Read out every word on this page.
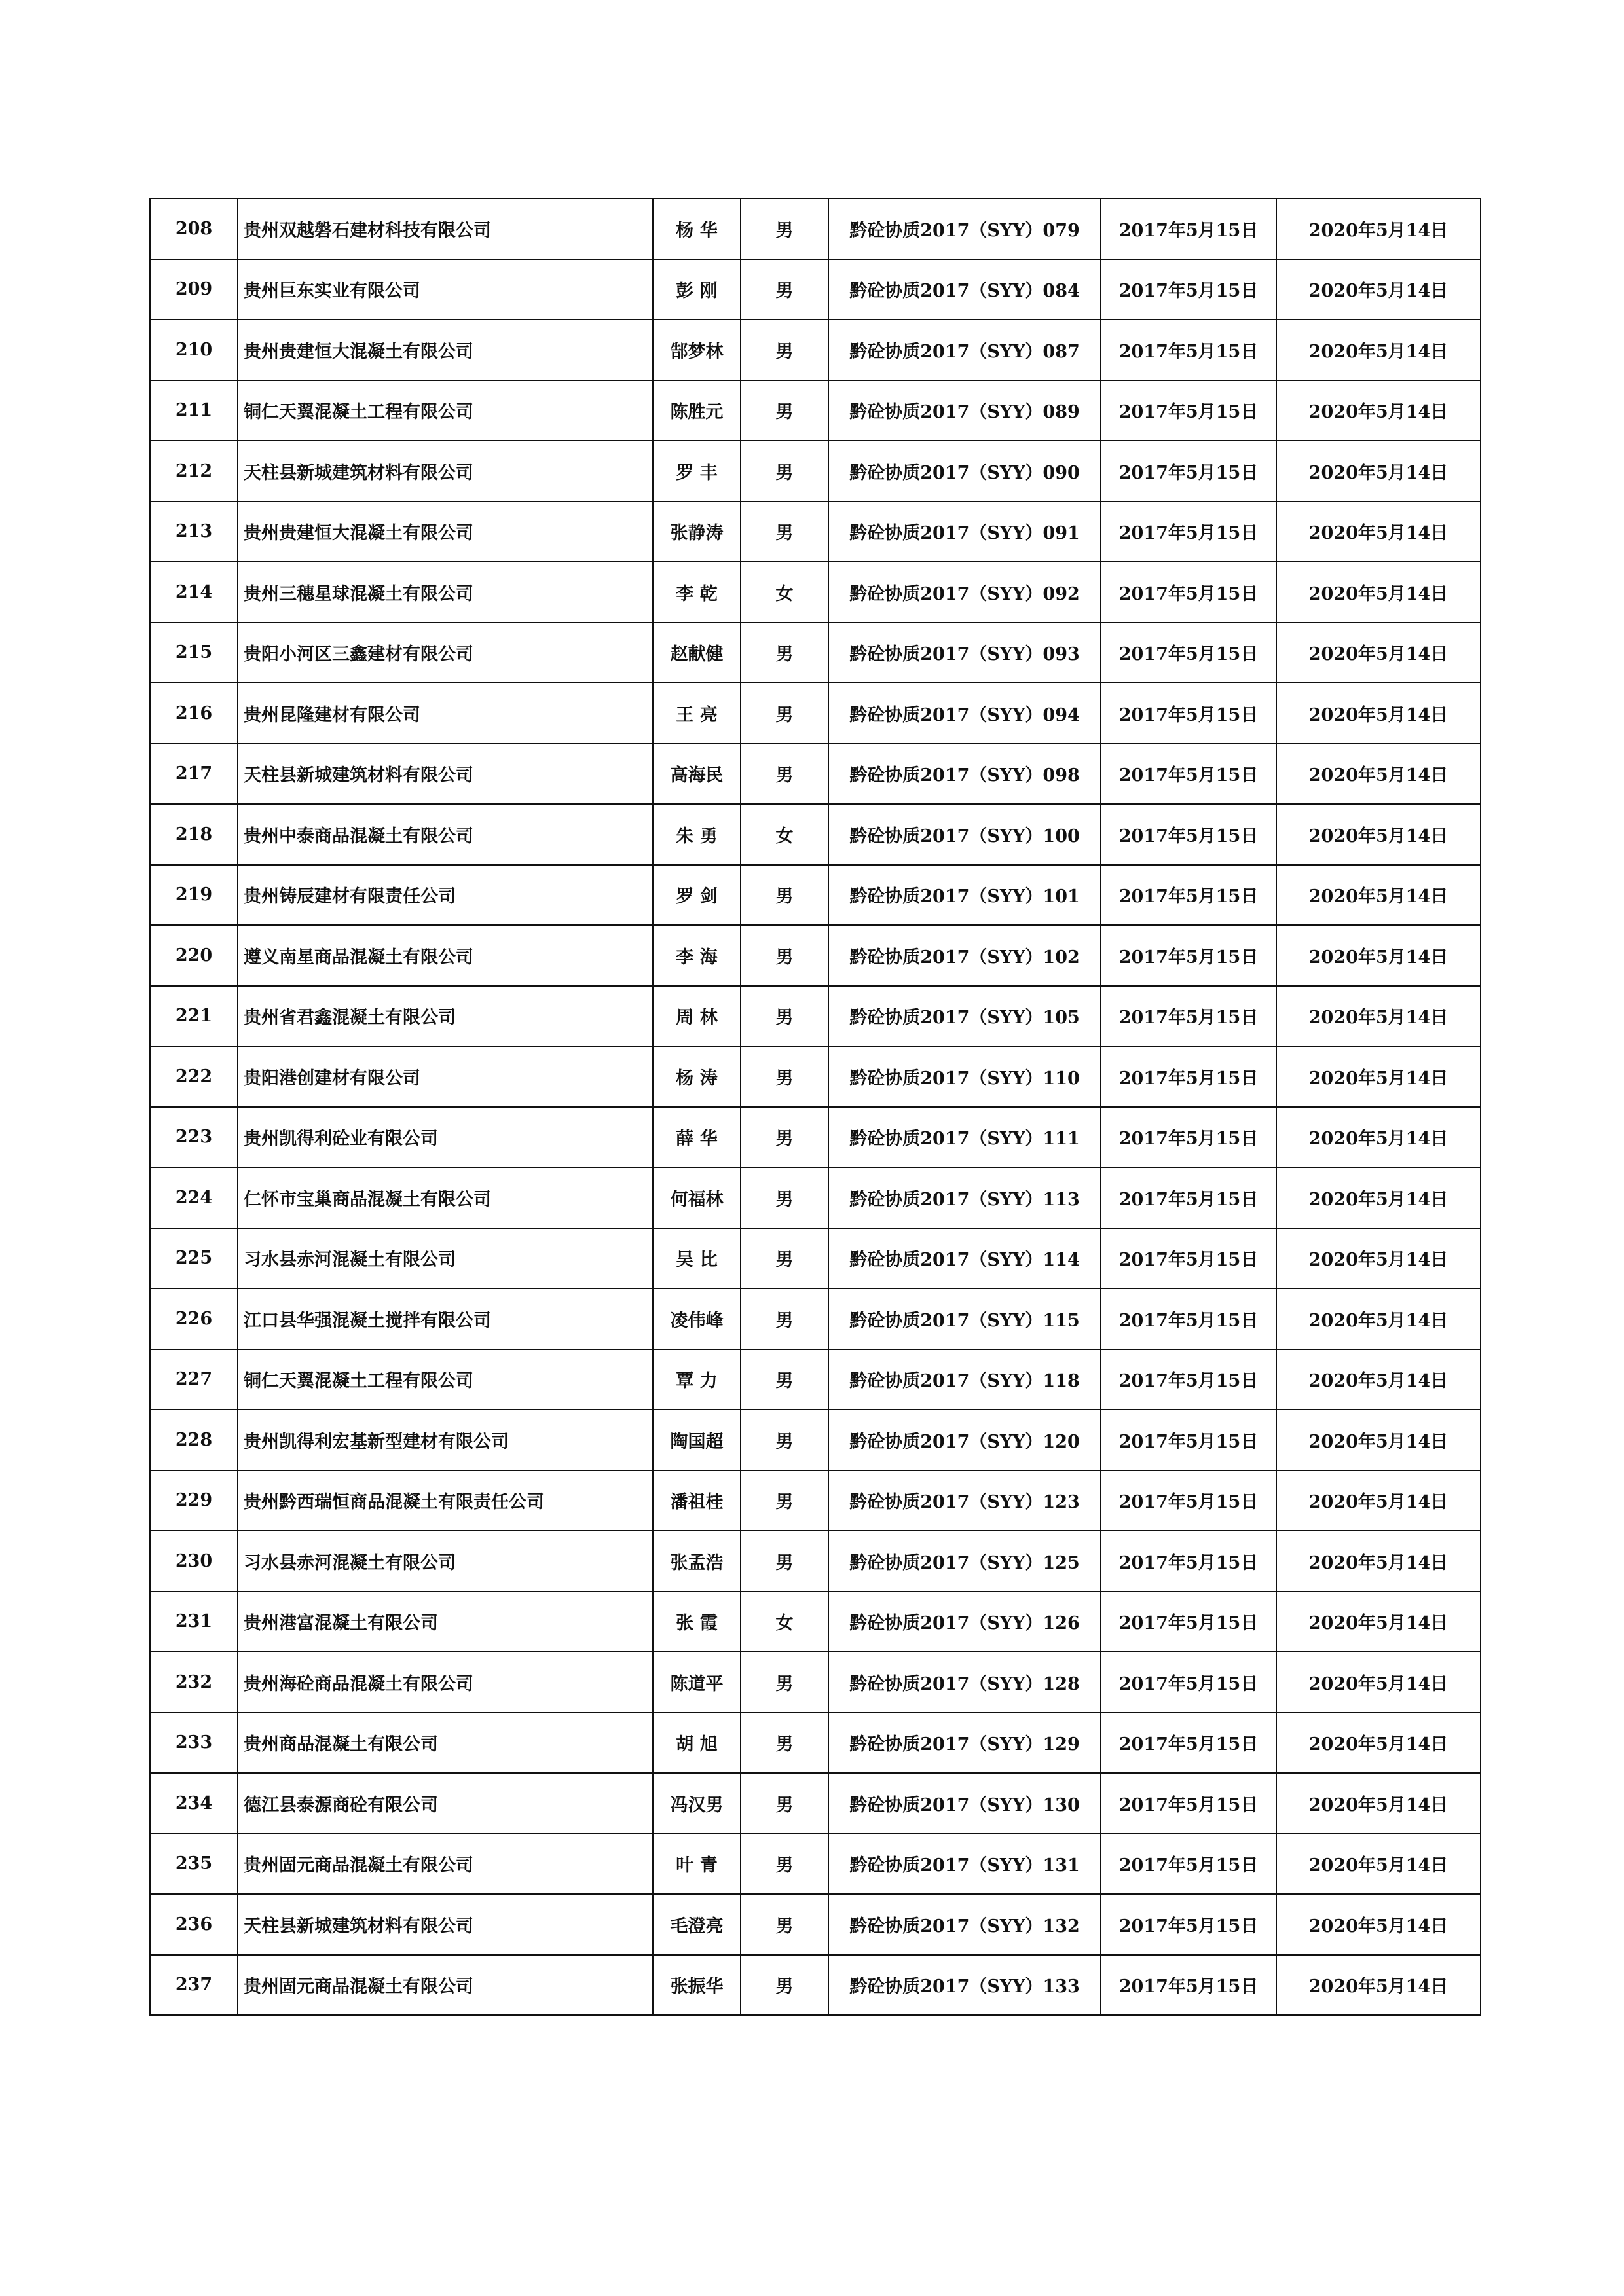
208	贵州双越磐石建材科技有限公司	杨 华	男	黔砼协质2017（SYY）079	2017年5月15日	2020年5月14日
209	贵州巨东实业有限公司	彭 刚	男	黔砼协质2017（SYY）084	2017年5月15日	2020年5月14日
210	贵州贵建恒大混凝土有限公司	郜梦林	男	黔砼协质2017（SYY）087	2017年5月15日	2020年5月14日
211	铜仁天翼混凝土工程有限公司	陈胜元	男	黔砼协质2017（SYY）089	2017年5月15日	2020年5月14日
212	天柱县新城建筑材料有限公司	罗 丰	男	黔砼协质2017（SYY）090	2017年5月15日	2020年5月14日
213	贵州贵建恒大混凝土有限公司	张静涛	男	黔砼协质2017（SYY）091	2017年5月15日	2020年5月14日
214	贵州三穗星球混凝土有限公司	李 乾	女	黔砼协质2017（SYY）092	2017年5月15日	2020年5月14日
215	贵阳小河区三鑫建材有限公司	赵献健	男	黔砼协质2017（SYY）093	2017年5月15日	2020年5月14日
216	贵州昆隆建材有限公司	王 亮	男	黔砼协质2017（SYY）094	2017年5月15日	2020年5月14日
217	天柱县新城建筑材料有限公司	高海民	男	黔砼协质2017（SYY）098	2017年5月15日	2020年5月14日
218	贵州中泰商品混凝土有限公司	朱 勇	女	黔砼协质2017（SYY）100	2017年5月15日	2020年5月14日
219	贵州铸辰建材有限责任公司	罗 剑	男	黔砼协质2017（SYY）101	2017年5月15日	2020年5月14日
220	遵义南星商品混凝土有限公司	李 海	男	黔砼协质2017（SYY）102	2017年5月15日	2020年5月14日
221	贵州省君鑫混凝土有限公司	周 林	男	黔砼协质2017（SYY）105	2017年5月15日	2020年5月14日
222	贵阳港创建材有限公司	杨 涛	男	黔砼协质2017（SYY）110	2017年5月15日	2020年5月14日
223	贵州凯得利砼业有限公司	薛 华	男	黔砼协质2017（SYY）111	2017年5月15日	2020年5月14日
224	仁怀市宝巢商品混凝土有限公司	何福林	男	黔砼协质2017（SYY）113	2017年5月15日	2020年5月14日
225	习水县赤河混凝土有限公司	吴 比	男	黔砼协质2017（SYY）114	2017年5月15日	2020年5月14日
226	江口县华强混凝土搅拌有限公司	凌伟峰	男	黔砼协质2017（SYY）115	2017年5月15日	2020年5月14日
227	铜仁天翼混凝土工程有限公司	覃 力	男	黔砼协质2017（SYY）118	2017年5月15日	2020年5月14日
228	贵州凯得利宏基新型建材有限公司	陶国超	男	黔砼协质2017（SYY）120	2017年5月15日	2020年5月14日
229	贵州黔西瑞恒商品混凝土有限责任公司	潘祖桂	男	黔砼协质2017（SYY）123	2017年5月15日	2020年5月14日
230	习水县赤河混凝土有限公司	张孟浩	男	黔砼协质2017（SYY）125	2017年5月15日	2020年5月14日
231	贵州港富混凝土有限公司	张 霞	女	黔砼协质2017（SYY）126	2017年5月15日	2020年5月14日
232	贵州海砼商品混凝土有限公司	陈道平	男	黔砼协质2017（SYY）128	2017年5月15日	2020年5月14日
233	贵州商品混凝土有限公司	胡 旭	男	黔砼协质2017（SYY）129	2017年5月15日	2020年5月14日
234	德江县泰源商砼有限公司	冯汉男	男	黔砼协质2017（SYY）130	2017年5月15日	2020年5月14日
235	贵州固元商品混凝土有限公司	叶 青	男	黔砼协质2017（SYY）131	2017年5月15日	2020年5月14日
236	天柱县新城建筑材料有限公司	毛澄亮	男	黔砼协质2017（SYY）132	2017年5月15日	2020年5月14日
237	贵州固元商品混凝土有限公司	张振华	男	黔砼协质2017（SYY）133	2017年5月15日	2020年5月14日
